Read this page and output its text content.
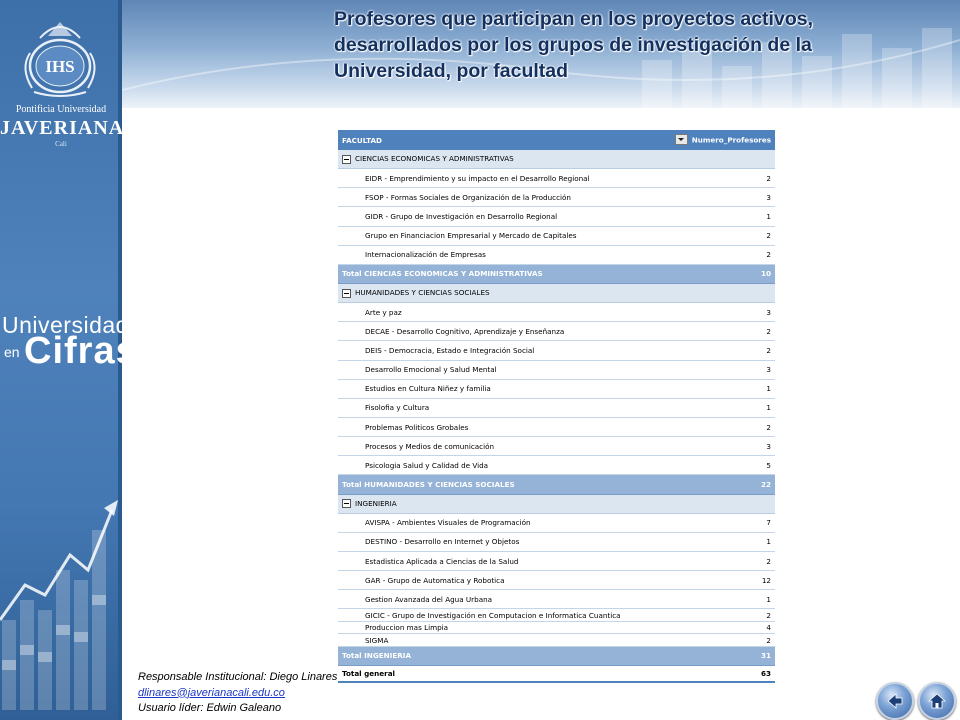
IHS
Pontificia Universidad
JAVERIANA
Cali
Universidad
en Cifras
Profesores que participan en los proyectos activos, desarrollados por los grupos de investigación de la Universidad, por facultad
FACULTAD	Numero_Profesores
CIENCIAS ECONOMICAS Y ADMINISTRATIVAS	
EIDR - Emprendimiento y su impacto en el Desarrollo Regional	2
FSOP - Formas Sociales de Organización de la Producción	3
GIDR - Grupo de Investigación en Desarrollo Regional	1
Grupo en Financiacion Empresarial y Mercado de Capitales	2
Internacionalización de Empresas	2
Total CIENCIAS ECONOMICAS Y ADMINISTRATIVAS	10
HUMANIDADES Y CIENCIAS SOCIALES	
Arte y paz	3
DECAE - Desarrollo Cognitivo, Aprendizaje y Enseñanza	2
DEIS - Democracia, Estado e Integración Social	2
Desarrollo Emocional y Salud Mental	3
Estudios en Cultura Niñez y familia	1
Fisolofia y Cultura	1
Problemas Politicos Grobales	2
Procesos y Medios de comunicación	3
Psicologia Salud y Calidad de Vida	5
Total HUMANIDADES Y CIENCIAS SOCIALES	22
INGENIERIA	
AVISPA - Ambientes Visuales de Programación	7
DESTINO - Desarrollo en Internet y Objetos	1
Estadistica Aplicada a Ciencias de la Salud	2
GAR - Grupo de Automatica y Robotica	12
Gestion Avanzada del Agua Urbana	1
GICIC - Grupo de Investigación en Computacion e Informatica Cuantica	2
Produccion mas Limpia	4
SIGMA	2
Total INGENIERIA	31
Total general	63
Responsable Institucional: Diego Linares
dlinares@javerianacali.edu.co
Usuario líder: Edwin Galeano
